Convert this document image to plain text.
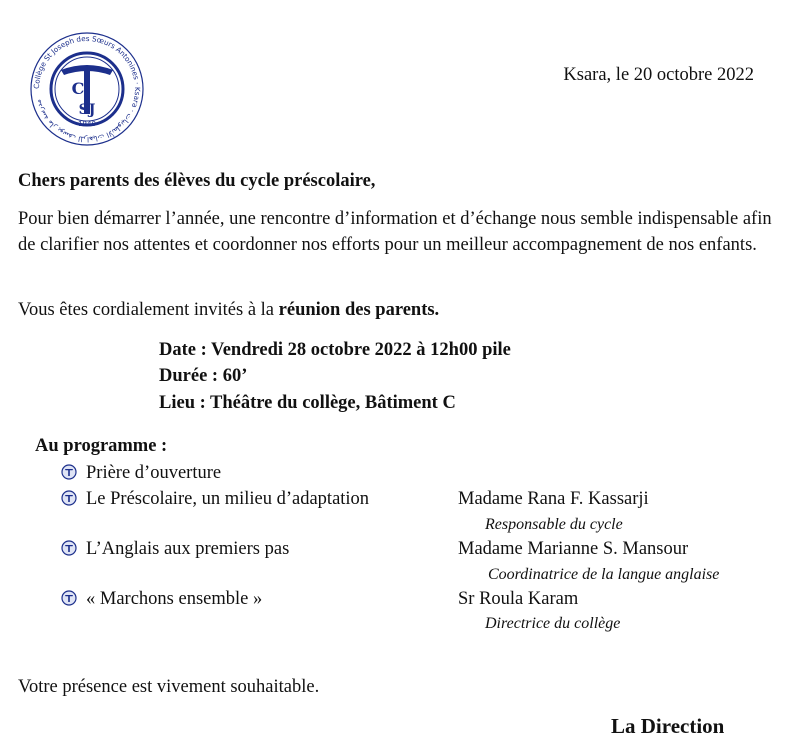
Collège St Joseph des Sœurs Antonines · Ksara · مدرسة مار يوسف للراهبات الأنطونيات
C
SJ
1940
Ksara, le 20 octobre 2022
Chers parents des élèves du cycle préscolaire,
Pour bien démarrer l’année, une rencontre d’information et d’échange nous semble indispensable afin de clarifier nos attentes et coordonner nos efforts pour un meilleur accompagnement de nos enfants.
Vous êtes cordialement invités à la réunion des parents.
Date : Vendredi 28 octobre 2022 à 12h00 pile
Durée : 60’
Lieu : Théâtre du collège, Bâtiment C
Au programme :
Prière d’ouverture
Le Préscolaire, un milieu d’adaptation	Madame Rana F. Kassarji
Responsable du cycle
L’Anglais aux premiers pas	Madame Marianne S. Mansour
Coordinatrice de la langue anglaise
« Marchons ensemble »	Sr Roula Karam
Directrice du collège
Votre présence est vivement souhaitable.
La Direction
